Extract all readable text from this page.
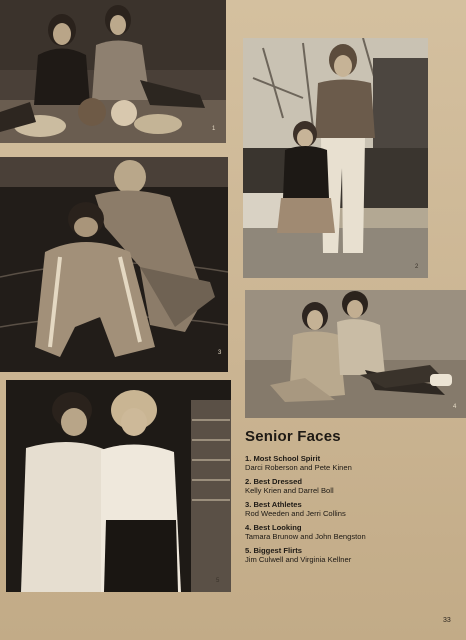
1
3
2
4
5
Senior Faces
1. Most School Spirit
Darci Roberson and Pete Kinen
2. Best Dressed
Kelly Krien and Darrel Boll
3. Best Athletes
Rod Weeden and Jerri Collins
4. Best Looking
Tamara Brunow and John Bengston
5. Biggest Flirts
Jim Culwell and Virginia Kellner
33
